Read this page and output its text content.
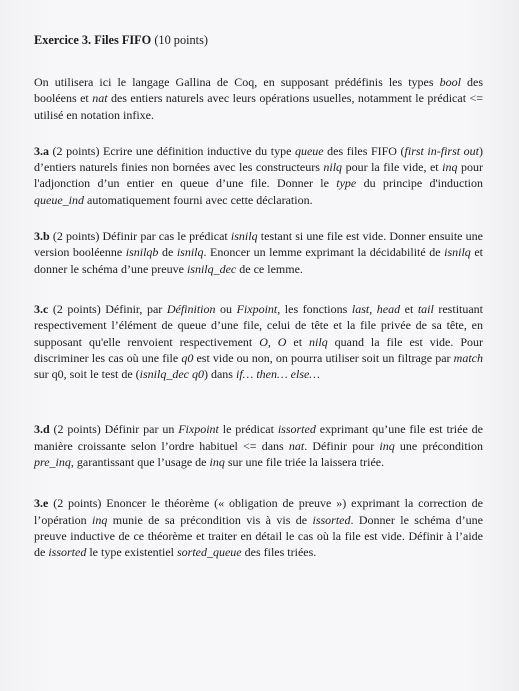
Exercice 3. Files FIFO (10 points)

On utilisera ici le langage Gallina de Coq, en supposant prédéfinis les types bool des booléens et nat des entiers naturels avec leurs opérations usuelles, notamment le prédicat <= utilisé en notation infixe.

3.a (2 points) Ecrire une définition inductive du type queue des files FIFO (first in-first out) d’entiers naturels finies non bornées avec les constructeurs nilq pour la file vide, et inq pour l'adjonction d’un entier en queue d’une file. Donner le type du principe d'induction queue_ind automatiquement fourni avec cette déclaration.

3.b (2 points) Définir par cas le prédicat isnilq testant si une file est vide. Donner ensuite une version booléenne isnilqb de isnilq. Enoncer un lemme exprimant la décidabilité de isnilq et donner le schéma d’une preuve isnilq_dec de ce lemme.

3.c (2 points) Définir, par Définition ou Fixpoint, les fonctions last, head et tail restituant respectivement l’élément de queue d’une file, celui de tête et la file privée de sa tête, en supposant qu'elle renvoient respectivement O, O et nilq quand la file est vide. Pour discriminer les cas où une file q0 est vide ou non, on pourra utiliser soit un filtrage par match sur q0, soit le test de (isnilq_dec q0) dans if… then… else…

3.d (2 points) Définir par un Fixpoint le prédicat issorted exprimant qu’une file est triée de manière croissante selon l’ordre habituel <= dans nat. Définir pour inq une précondition pre_inq, garantissant que l’usage de inq sur une file triée la laissera triée.

3.e (2 points) Enoncer le théorème (« obligation de preuve ») exprimant la correction de l’opération inq munie de sa précondition vis à vis de issorted. Donner le schéma d’une preuve inductive de ce théorème et traiter en détail le cas où la file est vide. Définir à l’aide de issorted le type existentiel sorted_queue des files triées.
